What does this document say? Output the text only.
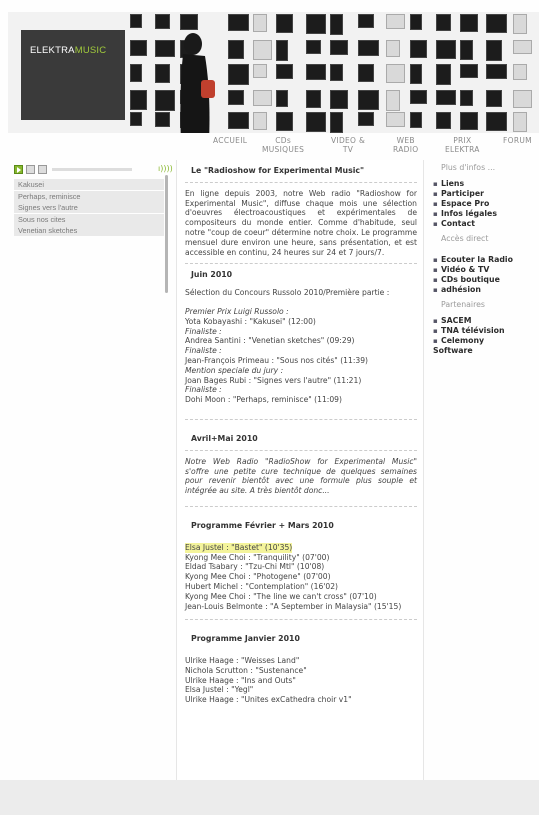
ELEKTRAMUSIC
ACCUEIL	CDs
MUSIQUES
VIDEO &
TV
WEB
RADIO
PRIX
ELEKTRA
FORUM
ı))))
Kakusei
Perhaps, reminisce
Signes vers l'autre
Sous nos cites
Venetian sketches
Le "Radioshow for Experimental Music"
En ligne depuis 2003, notre Web radio "Radioshow for Experimental Music", diffuse chaque mois une sélection d'oeuvres électroacoustiques et expérimentales de compositeurs du monde entier. Comme d'habitude, seul notre "coup de coeur" détermine notre choix. Le programme mensuel dure environ une heure, sans présentation, et est accessible en continu, 24 heures sur 24 et 7 jours/7.
Juin 2010
Sélection du Concours Russolo 2010/Première partie :
Premier Prix Luigi Russolo :
Yota Kobayashi : "Kakusei" (12:00)
Finaliste :
Andrea Santini : "Venetian sketches" (09:29)
Finaliste :
Jean-François Primeau : "Sous nos cités" (11:39)
Mention speciale du jury :
Joan Bages Rubi : "Signes vers l'autre" (11:21)
Finaliste :
Dohi Moon : "Perhaps, reminisce" (11:09)
Avril+Mai 2010
Notre Web Radio "RadioShow for Experimental Music" s'offre une petite cure technique de quelques semaines pour revenir bientôt avec une formule plus souple et intégrée au site. A très bientôt donc...
Programme Février + Mars 2010
Elsa Justel : "Bastet" (10'35)
Kyong Mee Choi : "Tranquility" (07'00)
Eldad Tsabary : "Tzu-Chi Mtl" (10'08)
Kyong Mee Choi : "Photogene" (07'00)
Hubert Michel : "Contemplation" (16'02)
Kyong Mee Choi : "The line we can't cross" (07'10)
Jean-Louis Belmonte : "A September in Malaysia" (15'15)
Programme Janvier 2010
Ulrike Haage : "Weisses Land"
Nichola Scrutton : "Sustenance"
Ulrike Haage : "Ins and Outs"
Elsa Justel : "Yegl"
Ulrike Haage : "Unites exCathedra choir v1"
Plus d'infos ...
▪ Liens
▪ Participer
▪ Espace Pro
▪ Infos légales
▪ Contact
Accès direct
▪ Ecouter la Radio
▪ Vidéo & TV
▪ CDs boutique
▪ adhésion
Partenaires
▪ SACEM
▪ TNA télévision
▪ Celemony
Software
